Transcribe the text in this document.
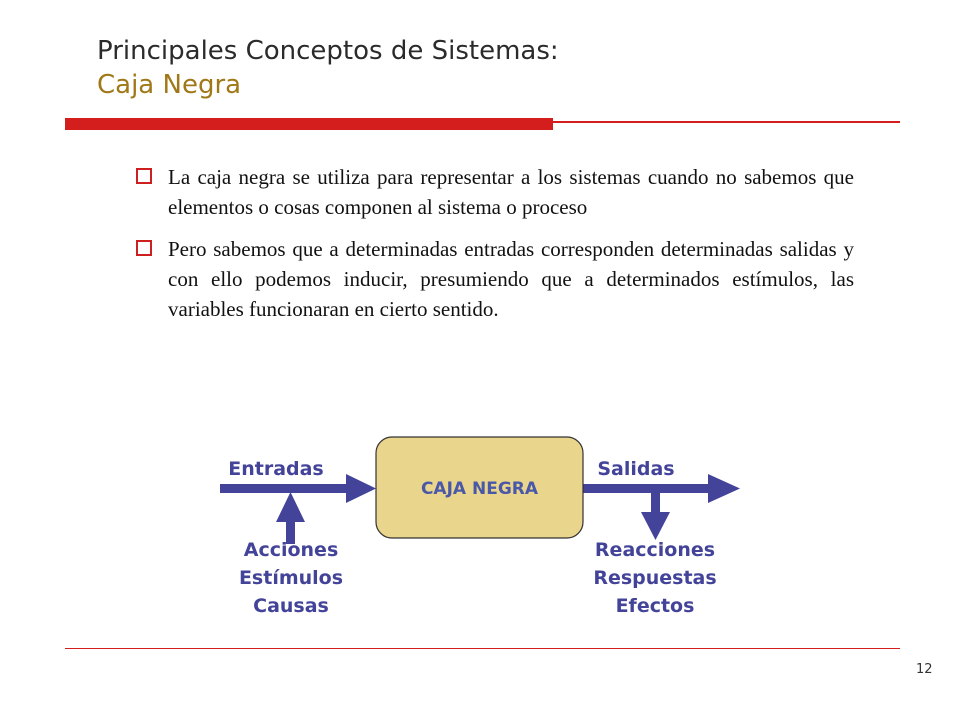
Principales Conceptos de Sistemas:
Caja Negra
La caja negra se utiliza para representar a los sistemas cuando no sabemos que elementos o cosas componen al sistema o proceso
Pero sabemos que a determinadas entradas corresponden determinadas salidas y con ello podemos inducir, presumiendo que a determinados estímulos, las variables funcionaran en cierto sentido.
CAJA NEGRA
Entradas	Salidas
Acciones
Estímulos
Causas
Reacciones
Respuestas
Efectos
12
